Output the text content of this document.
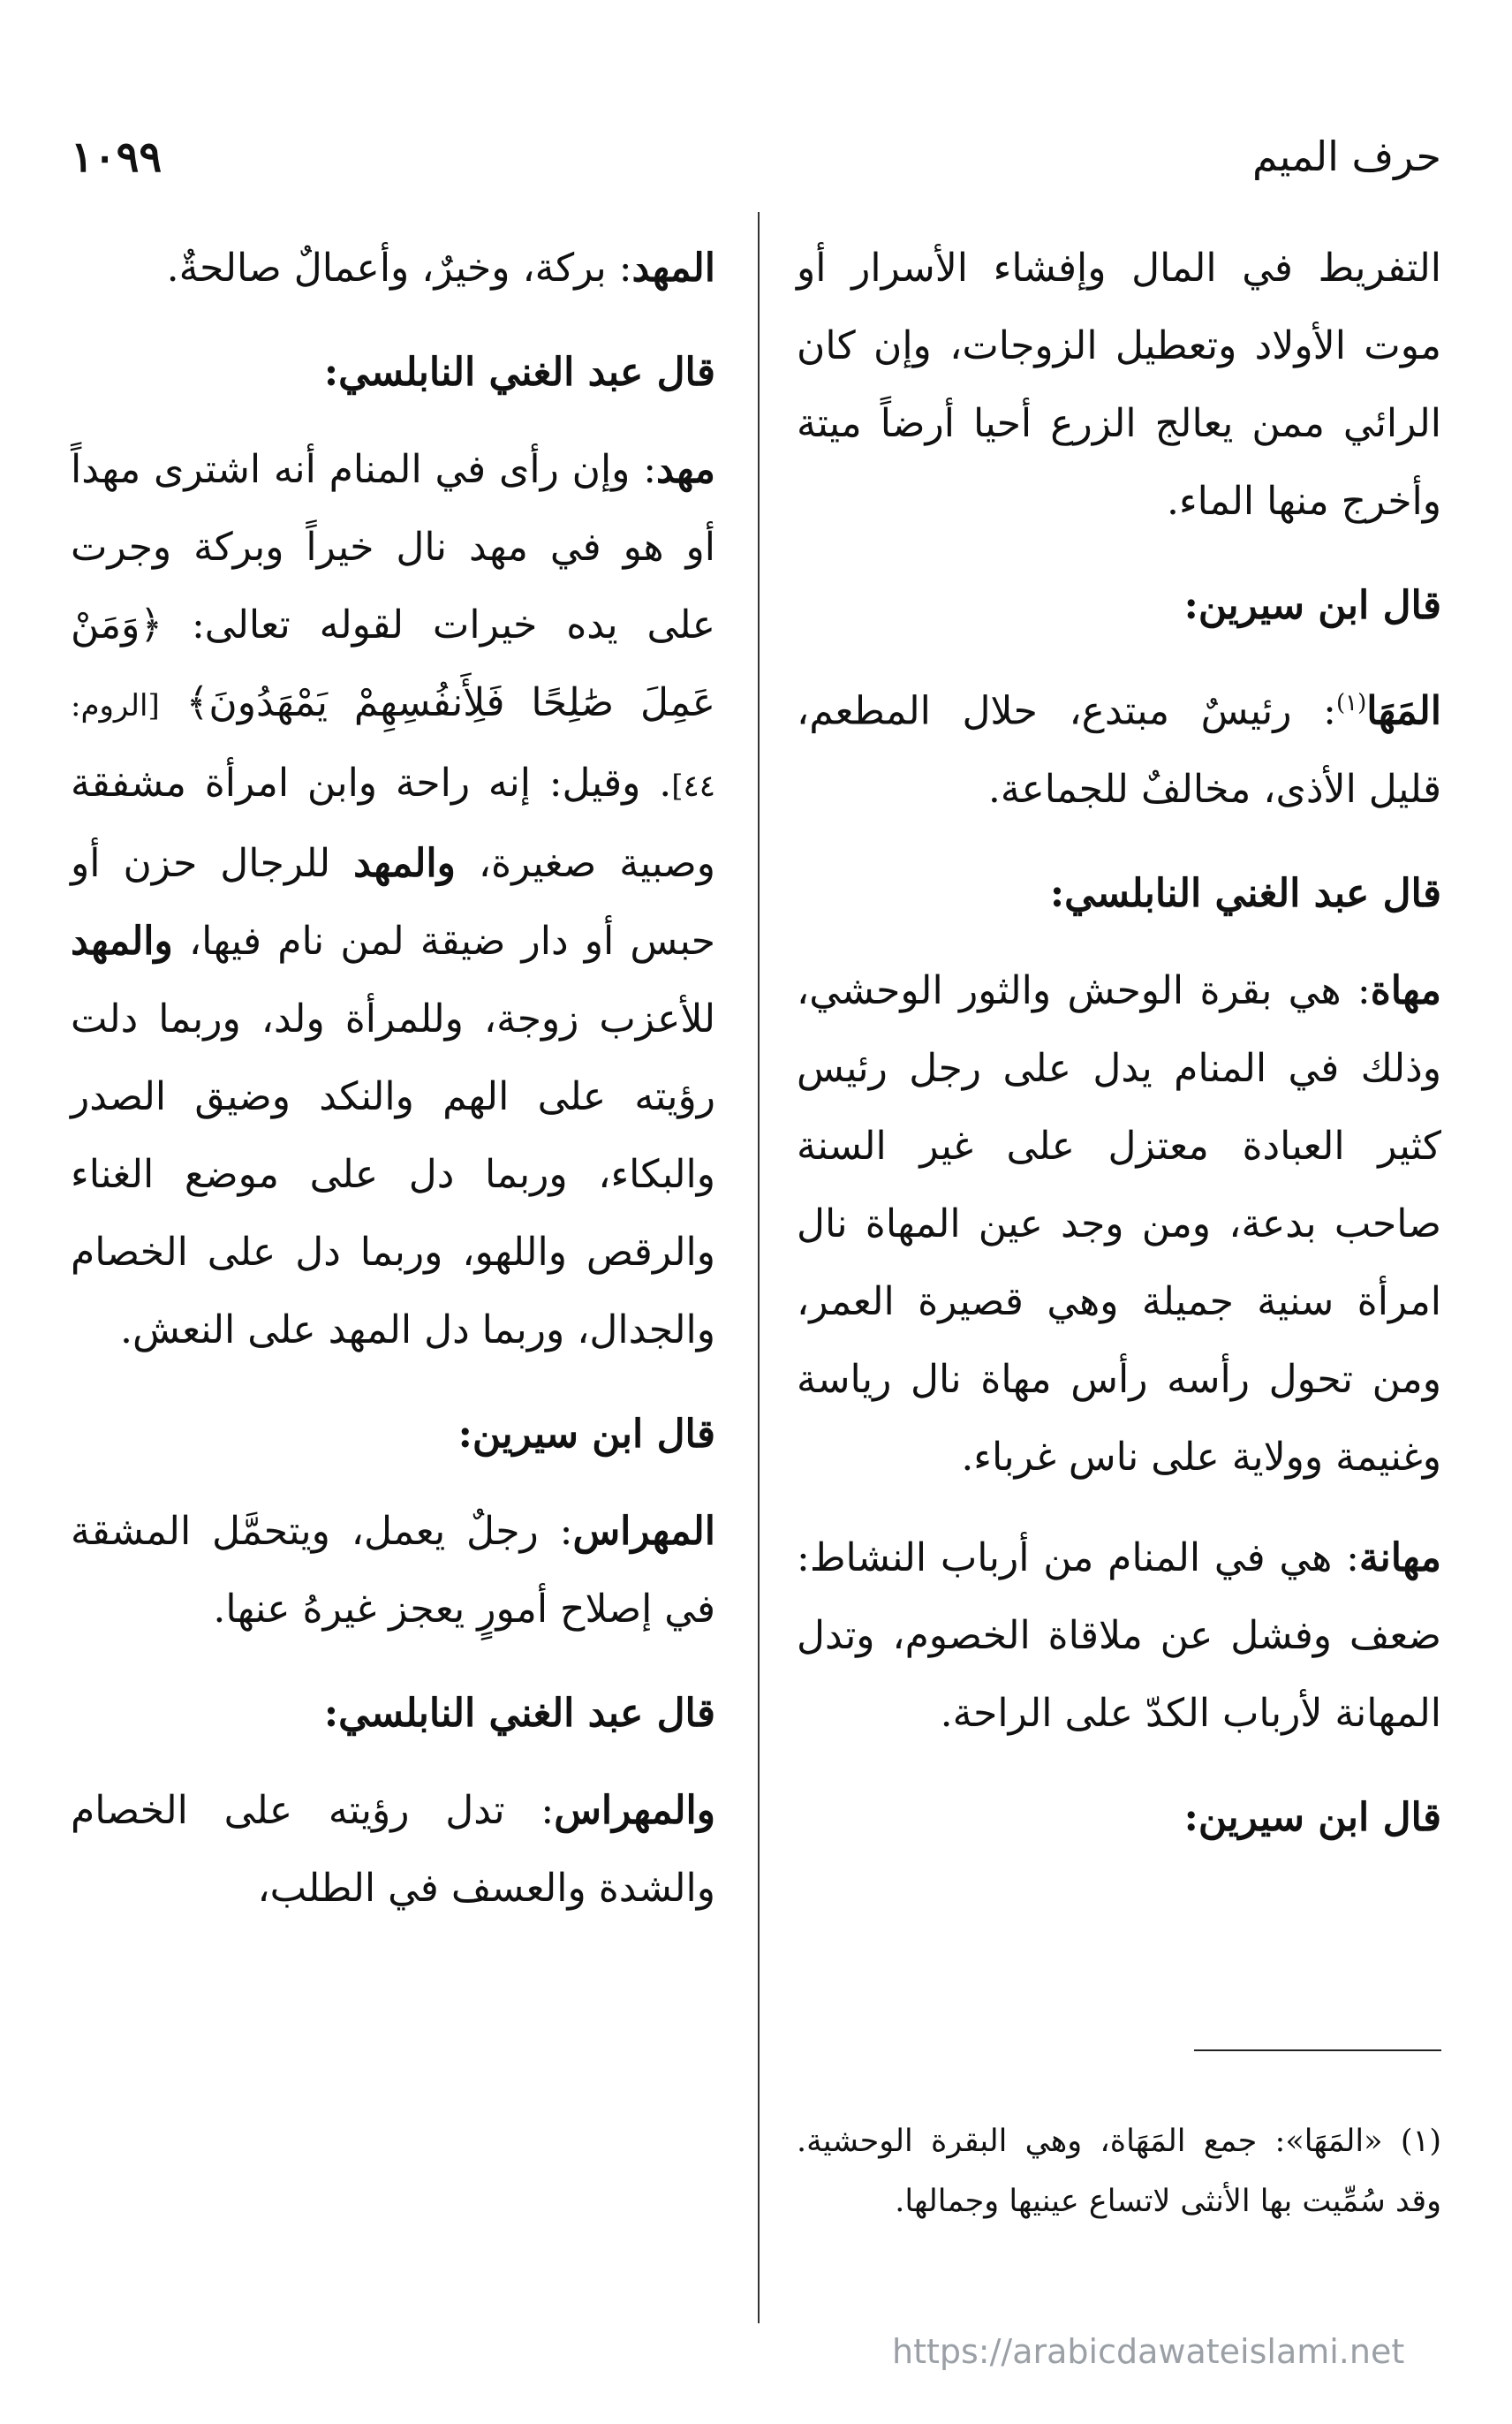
حرف الميم
١٠٩٩

التفريط في المال وإفشاء الأسرار أو موت الأولاد وتعطيل الزوجات، وإن كان الرائي ممن يعالج الزرع أحيا أرضاً ميتة وأخرج منها الماء.

قال ابن سيرين:

المَهَا$^{(١)}$: رئيسٌ مبتدع، حلال المطعم، قليل الأذى، مخالفٌ للجماعة.

قال عبد الغني النابلسي:

مهاة: هي بقرة الوحش والثور الوحشي، وذلك في المنام يدل على رجل رئيس كثير العبادة معتزل على غير السنة صاحب بدعة، ومن وجد عين المهاة نال امرأة سنية جميلة وهي قصيرة العمر، ومن تحول رأسه رأس مهاة نال رياسة وغنيمة وولاية على ناس غرباء.

مهانة: هي في المنام من أرباب النشاط: ضعف وفشل عن ملاقاة الخصوم، وتدل المهانة لأرباب الكدّ على الراحة.

قال ابن سيرين:

المهد: بركة، وخيرٌ، وأعمالٌ صالحةٌ.

قال عبد الغني النابلسي:

مهد: وإن رأى في المنام أنه اشترى مهداً أو هو في مهد نال خيراً وبركة وجرت على يده خيرات لقوله تعالى: ﴿وَمَنْ عَمِلَ صَٰلِحًا فَلِأَنفُسِهِمْ يَمْهَدُونَ﴾ [الروم: ٤٤]. وقيل: إنه راحة وابن امرأة مشفقة وصبية صغيرة، والمهد للرجال حزن أو حبس أو دار ضيقة لمن نام فيها، والمهد للأعزب زوجة، وللمرأة ولد، وربما دلت رؤيته على الهم والنكد وضيق الصدر والبكاء، وربما دل على موضع الغناء والرقص واللهو، وربما دل على الخصام والجدال، وربما دل المهد على النعش.

قال ابن سيرين:

المهراس: رجلٌ يعمل، ويتحمَّل المشقة في إصلاح أمورٍ يعجز غيرهُ عنها.

قال عبد الغني النابلسي:

والمهراس: تدل رؤيته على الخصام والشدة والعسف في الطلب،

(١) «المَهَا»: جمع المَهَاة، وهي البقرة الوحشية. وقد سُمِّيت بها الأنثى لاتساع عينيها وجمالها.
https://arabicdawateislami.net
